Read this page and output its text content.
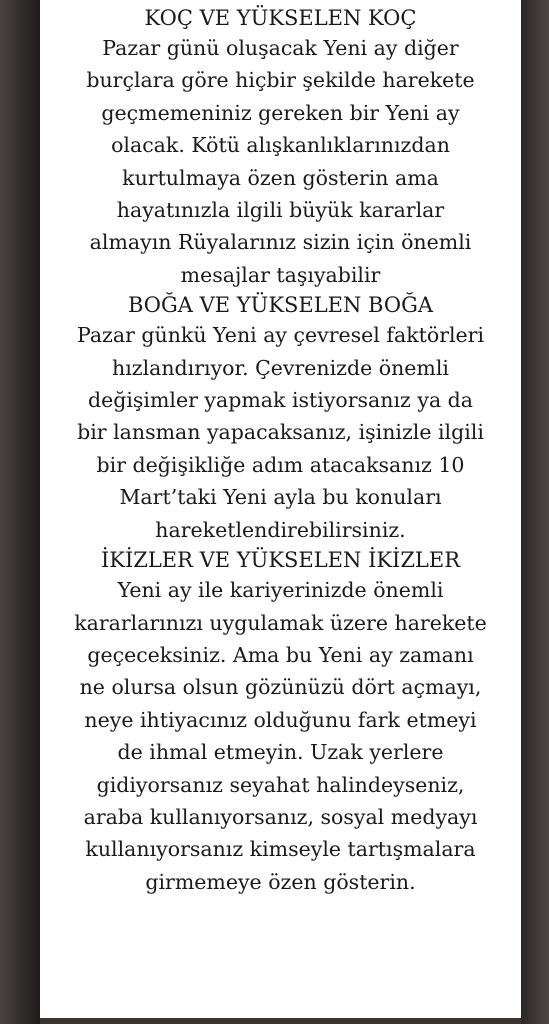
KOÇ VE YÜKSELEN KOÇ
Pazar günü oluşacak Yeni ay diğer
burçlara göre hiçbir şekilde harekete
geçmemeniniz gereken bir Yeni ay
olacak. Kötü alışkanlıklarınızdan
kurtulmaya özen gösterin ama
hayatınızla ilgili büyük kararlar
almayın Rüyalarınız sizin için önemli
mesajlar taşıyabilir
BOĞA VE YÜKSELEN BOĞA
Pazar günkü Yeni ay çevresel faktörleri
hızlandırıyor. Çevrenizde önemli
değişimler yapmak istiyorsanız ya da
bir lansman yapacaksanız, işinizle ilgili
bir değişikliğe adım atacaksanız 10
Mart’taki Yeni ayla bu konuları
hareketlendirebilirsiniz.
İKİZLER VE YÜKSELEN İKİZLER
Yeni ay ile kariyerinizde önemli
kararlarınızı uygulamak üzere harekete
geçeceksiniz. Ama bu Yeni ay zamanı
ne olursa olsun gözünüzü dört açmayı,
neye ihtiyacınız olduğunu fark etmeyi
de ihmal etmeyin. Uzak yerlere
gidiyorsanız seyahat halindeyseniz,
araba kullanıyorsanız, sosyal medyayı
kullanıyorsanız kimseyle tartışmalara
girmemeye özen gösterin.
